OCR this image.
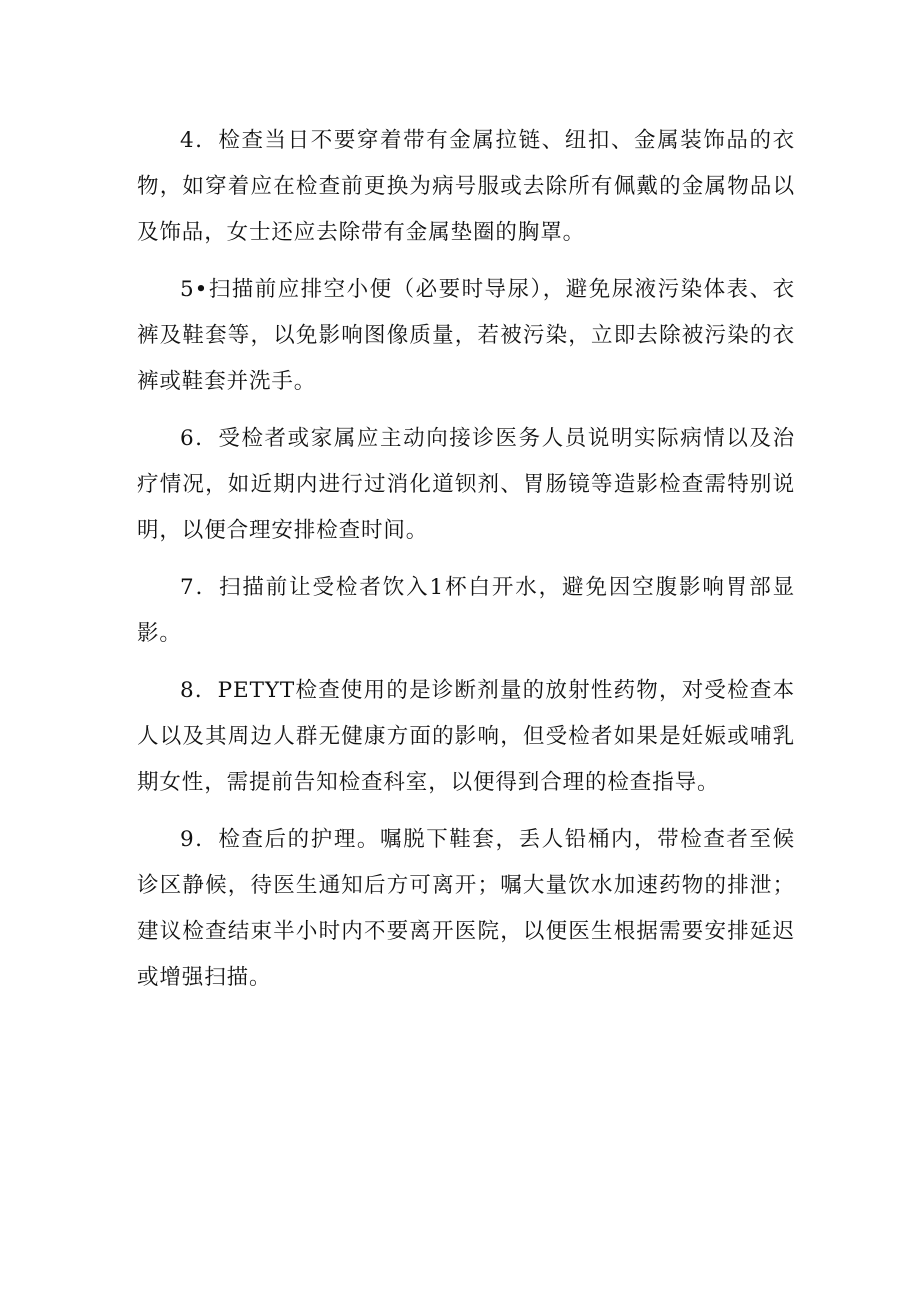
4．检查当日不要穿着带有金属拉链、纽扣、金属装饰品的衣物，如穿着应在检查前更换为病号服或去除所有佩戴的金属物品以及饰品，女士还应去除带有金属垫圈的胸罩。

5•扫描前应排空小便（必要时导尿），避免尿液污染体表、衣裤及鞋套等，以免影响图像质量，若被污染，立即去除被污染的衣裤或鞋套并洗手。

6．受检者或家属应主动向接诊医务人员说明实际病情以及治疗情况，如近期内进行过消化道钡剂、胃肠镜等造影检查需特别说明，以便合理安排检查时间。

7．扫描前让受检者饮入1杯白开水，避免因空腹影响胃部显影。

8．PETYT检查使用的是诊断剂量的放射性药物，对受检查本人以及其周边人群无健康方面的影响，但受检者如果是妊娠或哺乳期女性，需提前告知检查科室，以便得到合理的检查指导。

9．检查后的护理。嘱脱下鞋套，丢人铅桶内，带检查者至候诊区静候，待医生通知后方可离开；嘱大量饮水加速药物的排泄；建议检查结束半小时内不要离开医院，以便医生根据需要安排延迟或增强扫描。
